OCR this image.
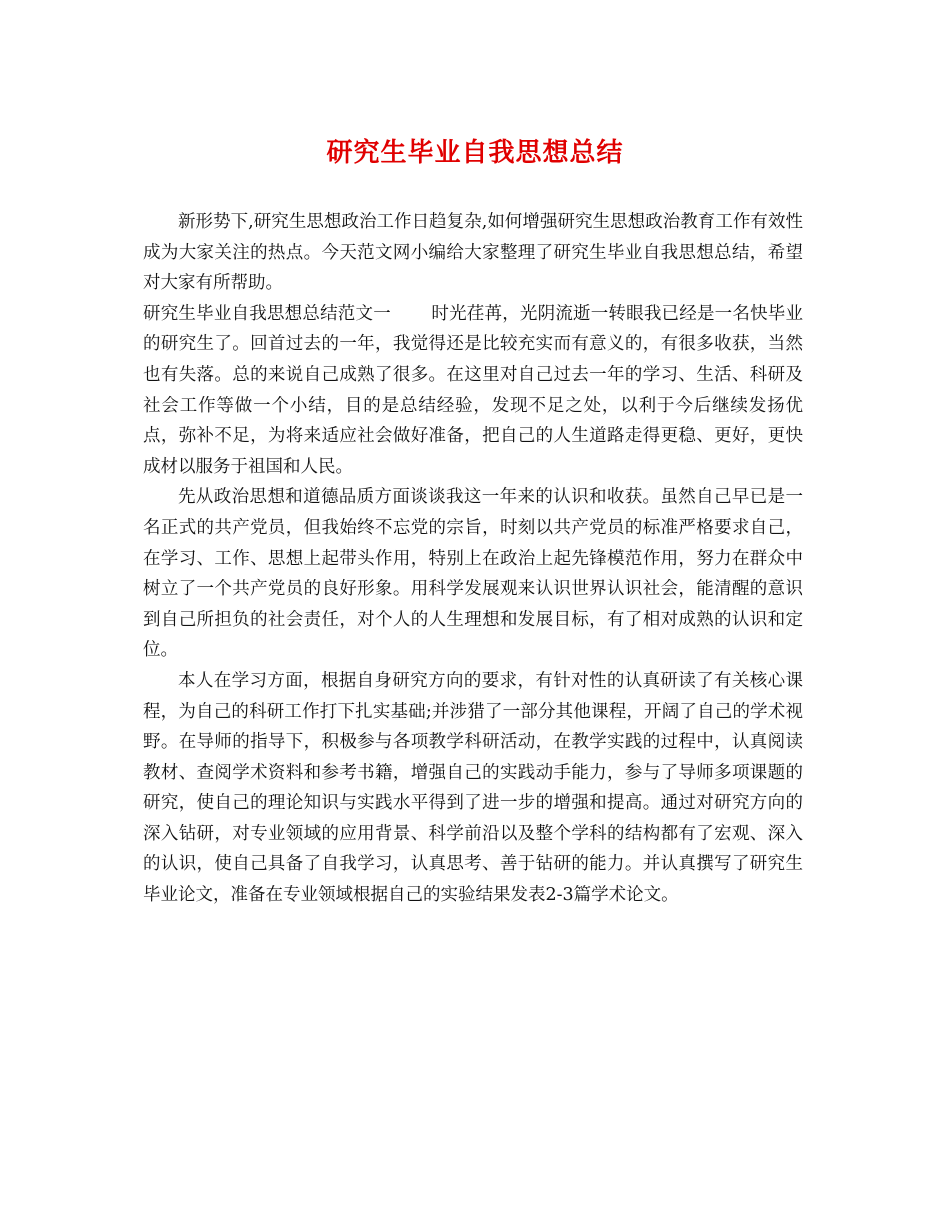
研究生毕业自我思想总结

新形势下,研究生思想政治工作日趋复杂,如何增强研究生思想政治教育工作有效性成为大家关注的热点。今天范文网小编给大家整理了研究生毕业自我思想总结，希望对大家有所帮助。

研究生毕业自我思想总结范文一 时光荏苒，光阴流逝一转眼我已经是一名快毕业的研究生了。回首过去的一年，我觉得还是比较充实而有意义的，有很多收获，当然也有失落。总的来说自己成熟了很多。在这里对自己过去一年的学习、生活、科研及社会工作等做一个小结，目的是总结经验，发现不足之处，以利于今后继续发扬优点，弥补不足，为将来适应社会做好准备，把自己的人生道路走得更稳、更好，更快成材以服务于祖国和人民。

先从政治思想和道德品质方面谈谈我这一年来的认识和收获。虽然自己早已是一名正式的共产党员，但我始终不忘党的宗旨，时刻以共产党员的标准严格要求自己，在学习、工作、思想上起带头作用，特别上在政治上起先锋模范作用，努力在群众中树立了一个共产党员的良好形象。用科学发展观来认识世界认识社会，能清醒的意识到自己所担负的社会责任，对个人的人生理想和发展目标，有了相对成熟的认识和定位。

本人在学习方面，根据自身研究方向的要求，有针对性的认真研读了有关核心课程，为自己的科研工作打下扎实基础;并涉猎了一部分其他课程，开阔了自己的学术视野。在导师的指导下，积极参与各项教学科研活动，在教学实践的过程中，认真阅读教材、查阅学术资料和参考书籍，增强自己的实践动手能力，参与了导师多项课题的研究，使自己的理论知识与实践水平得到了进一步的增强和提高。通过对研究方向的深入钻研，对专业领域的应用背景、科学前沿以及整个学科的结构都有了宏观、深入的认识，使自己具备了自我学习，认真思考、善于钻研的能力。并认真撰写了研究生毕业论文，准备在专业领域根据自己的实验结果发表2-3篇学术论文。
